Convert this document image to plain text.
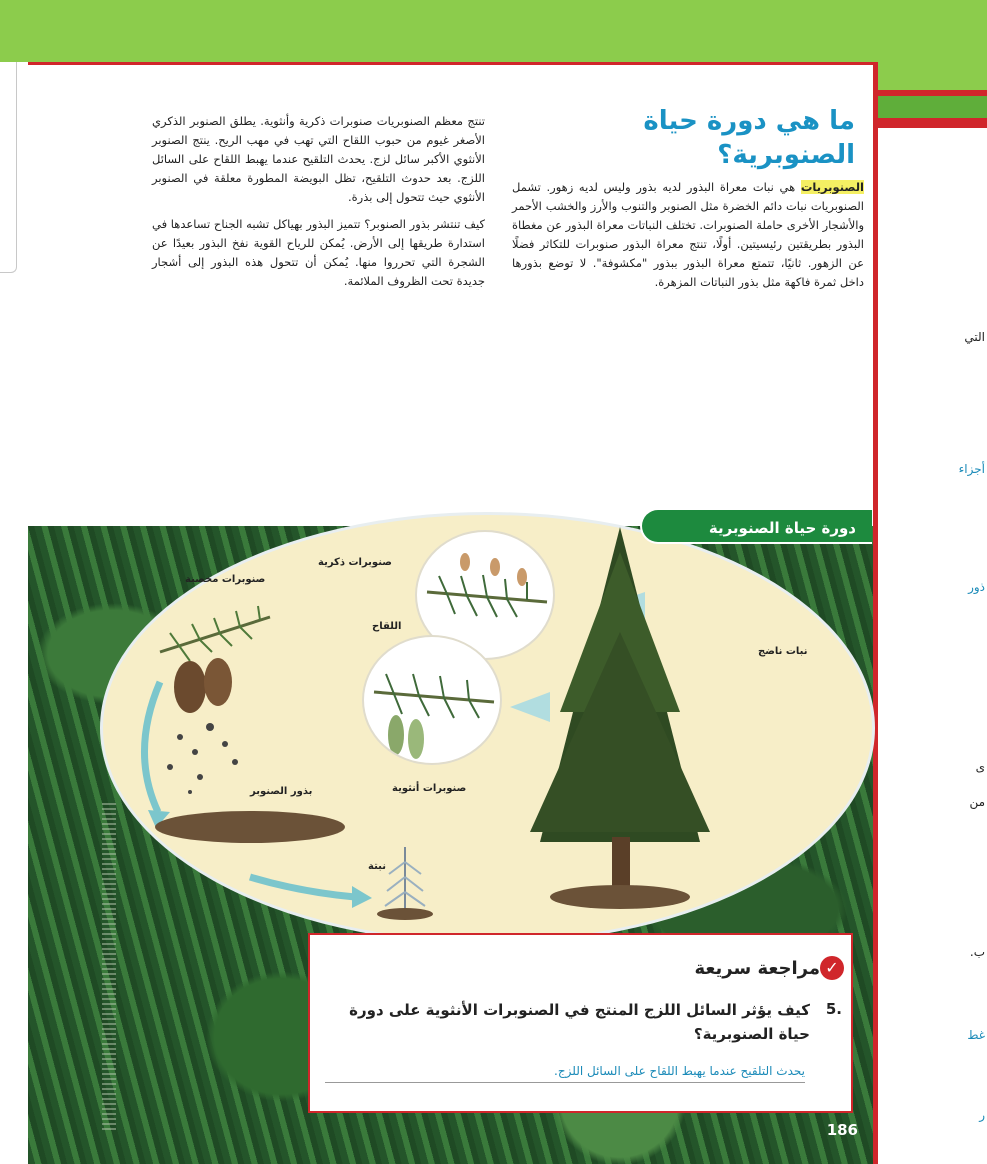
ما هي دورة حياة الصنوبرية؟

الصنوبريات هي نبات معراة البذور لديه بذور وليس لديه زهور. تشمل الصنوبريات نبات دائم الخضرة مثل الصنوبر والتنوب والأرز والخشب الأحمر والأشجار الأخرى حاملة الصنوبرات. تختلف النباتات معراة البذور عن مغطاة البذور بطريقتين رئيسيتين. أولًا، تنتج معراة البذور صنوبرات للتكاثر فضلًا عن الزهور. ثانيًا، تتمتع معراة البذور ببذور "مكشوفة". لا توضع بذورها داخل ثمرة فاكهة مثل بذور النباتات المزهرة.

تنتج معظم الصنوبريات صنوبرات ذكرية وأنثوية. يطلق الصنوبر الذكري الأصغر غيوم من حبوب اللقاح التي تهب في مهب الريح. ينتج الصنوبر الأنثوي الأكبر سائل لزج. يحدث التلقيح عندما يهبط اللقاح على السائل اللزج. بعد حدوث التلقيح، تظل البويضة المطورة معلقة في الصنوبر الأنثوي حيث تتحول إلى بذرة.

كيف تنتشر بذور الصنوبر؟ تتميز البذور بهياكل تشبه الجناح تساعدها في استدارة طريقها إلى الأرض. يُمكن للرياح القوية نفخ البذور بعيدًا عن الشجرة التي تحرروا منها. يُمكن أن تتحول هذه البذور إلى أشجار جديدة تحت الظروف الملائمة.

التي
أجزاء
ذور
ى
من
ب.
غط
ر
دورة حياة الصنوبرية
صنوبرات ذكرية
صنوبرات مخصبة
اللقاح
نبات ناضج
صنوبرات أنثوية
بذور الصنوبر
نبتة
✓
مراجعة سريعة
5.
كيف يؤثر السائل اللزج المنتج في الصنوبرات الأنثوية على دورة حياة الصنوبرية؟
يحدث التلقيح عندما يهبط اللقاح على السائل اللزج.
186
